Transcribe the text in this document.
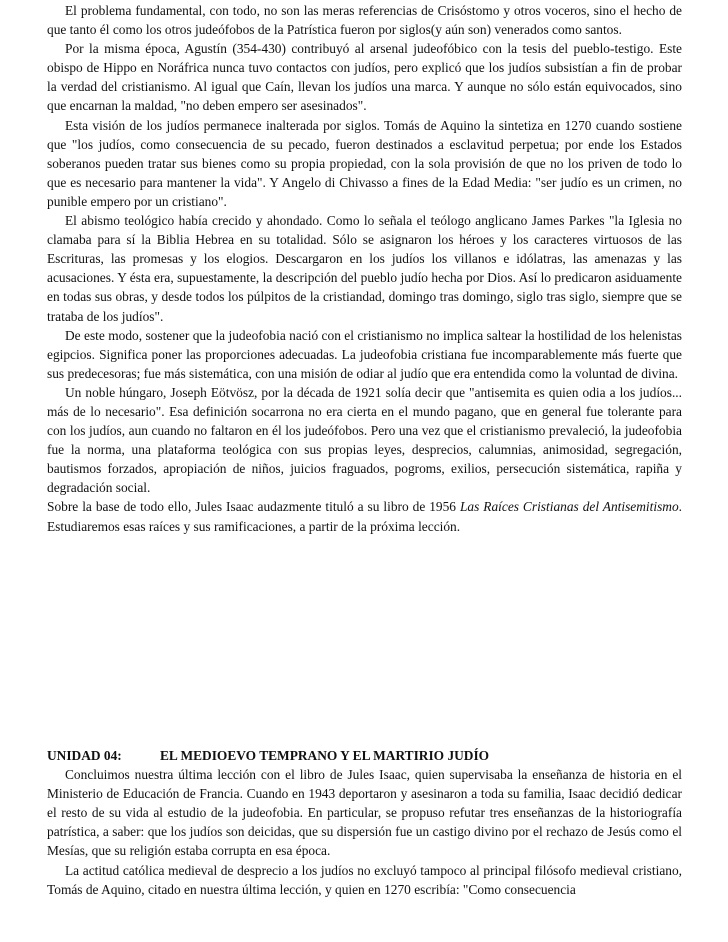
El problema fundamental, con todo, no son las meras referencias de Crisóstomo y otros voceros, sino el hecho de que tanto él como los otros judeófobos de la Patrística fueron por siglos(y aún son) venerados como santos.

Por la misma época, Agustín (354-430) contribuyó al arsenal judeofóbico con la tesis del pueblo-testigo. Este obispo de Hippo en Noráfrica nunca tuvo contactos con judíos, pero explicó que los judíos subsistían a fin de probar la verdad del cristianismo. Al igual que Caín, llevan los judíos una marca. Y aunque no sólo están equivocados, sino que encarnan la maldad, "no deben empero ser asesinados".

Esta visión de los judíos permanece inalterada por siglos. Tomás de Aquino la sintetiza en 1270 cuando sostiene que "los judíos, como consecuencia de su pecado, fueron destinados a esclavitud perpetua; por ende los Estados soberanos pueden tratar sus bienes como su propia propiedad, con la sola provisión de que no los priven de todo lo que es necesario para mantener la vida". Y Angelo di Chivasso a fines de la Edad Media: "ser judío es un crimen, no punible empero por un cristiano".

El abismo teológico había crecido y ahondado. Como lo señala el teólogo anglicano James Parkes "la Iglesia no clamaba para sí la Biblia Hebrea en su totalidad. Sólo se asignaron los héroes y los caracteres virtuosos de las Escrituras, las promesas y los elogios. Descargaron en los judíos los villanos e idólatras, las amenazas y las acusaciones. Y ésta era, supuestamente, la descripción del pueblo judío hecha por Dios. Así lo predicaron asiduamente en todas sus obras, y desde todos los púlpitos de la cristiandad, domingo tras domingo, siglo tras siglo, siempre que se trataba de los judíos".

De este modo, sostener que la judeofobia nació con el cristianismo no implica saltear la hostilidad de los helenistas egipcios. Significa poner las proporciones adecuadas. La judeofobia cristiana fue incomparablemente más fuerte que sus predecesoras; fue más sistemática, con una misión de odiar al judío que era entendida como la voluntad de divina.

Un noble húngaro, Joseph Eötvösz, por la década de 1921 solía decir que "antisemita es quien odia a los judíos... más de lo necesario". Esa definición socarrona no era cierta en el mundo pagano, que en general fue tolerante para con los judíos, aun cuando no faltaron en él los judeófobos. Pero una vez que el cristianismo prevaleció, la judeofobia fue la norma, una plataforma teológica con sus propias leyes, desprecios, calumnias, animosidad, segregación, bautismos forzados, apropiación de niños, juicios fraguados, pogroms, exilios, persecución sistemática, rapiña y degradación social.

Sobre la base de todo ello, Jules Isaac audazmente tituló a su libro de 1956 Las Raíces Cristianas del Antisemitismo. Estudiaremos esas raíces y sus ramificaciones, a partir de la próxima lección.

UNIDAD 04:	EL MEDIOEVO TEMPRANO Y EL MARTIRIO JUDÍO

Concluimos nuestra última lección con el libro de Jules Isaac, quien supervisaba la enseñanza de historia en el Ministerio de Educación de Francia. Cuando en 1943 deportaron y asesinaron a toda su familia, Isaac decidió dedicar el resto de su vida al estudio de la judeofobia. En particular, se propuso refutar tres enseñanzas de la historiografía patrística, a saber: que los judíos son deicidas, que su dispersión fue un castigo divino por el rechazo de Jesús como el Mesías, que su religión estaba corrupta en esa época.

La actitud católica medieval de desprecio a los judíos no excluyó tampoco al principal filósofo medieval cristiano, Tomás de Aquino, citado en nuestra última lección, y quien en 1270 escribía: "Como consecuencia
